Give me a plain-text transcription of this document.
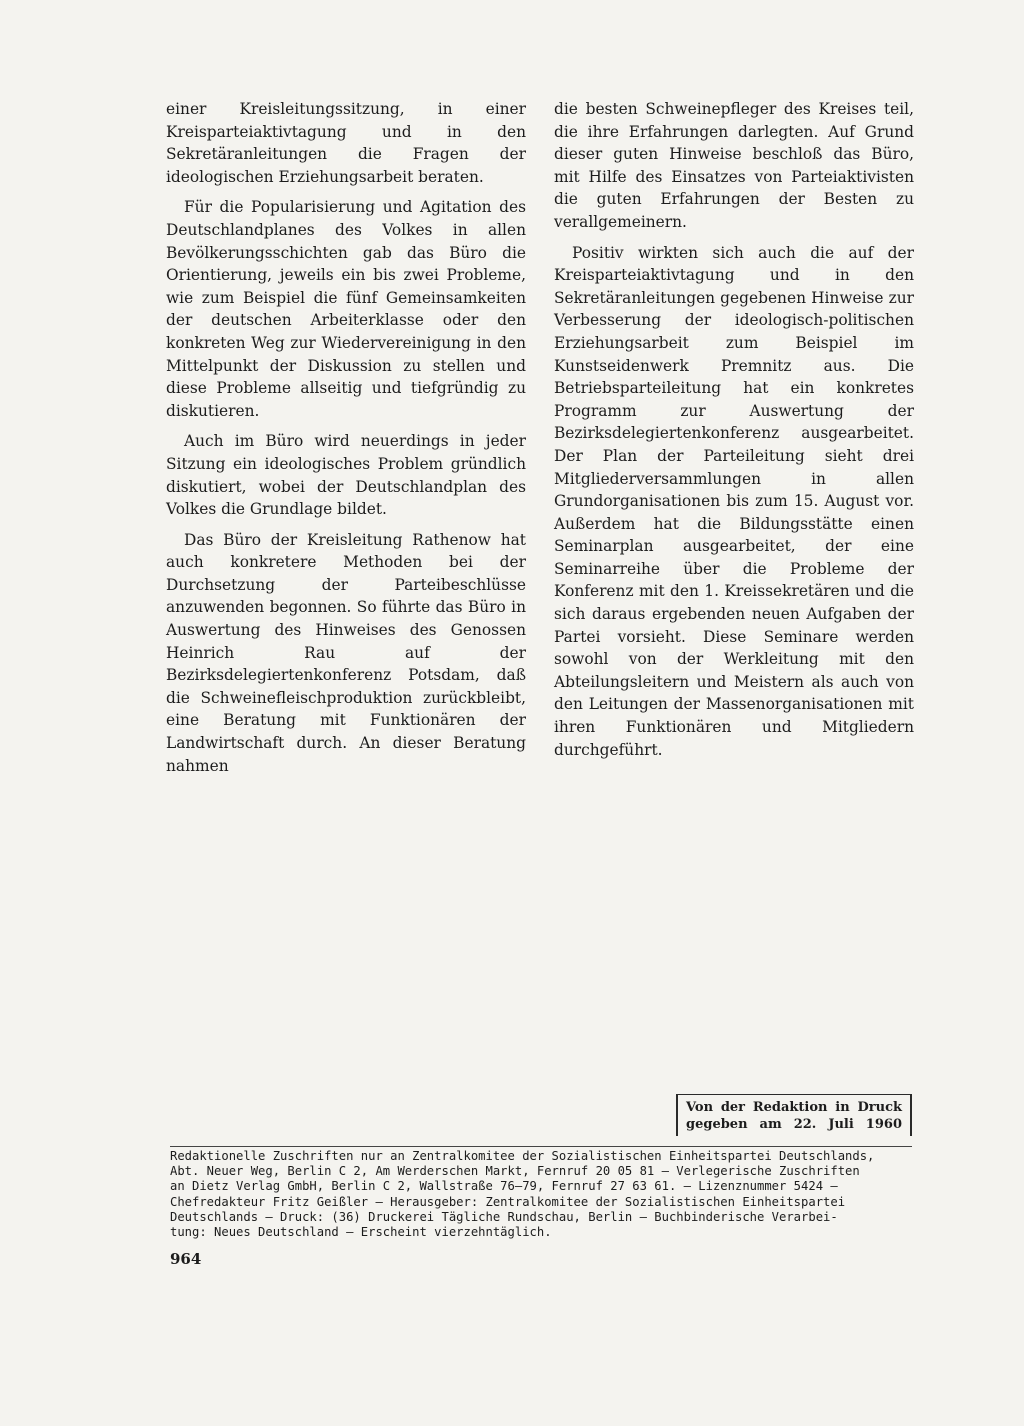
einer Kreisleitungssitzung, in einer Kreisparteiaktivtagung und in den Sekretäranleitungen die Fragen der ideologischen Erziehungsarbeit beraten.

Für die Popularisierung und Agitation des Deutschlandplanes des Volkes in allen Bevölkerungsschichten gab das Büro die Orientierung, jeweils ein bis zwei Probleme, wie zum Beispiel die fünf Gemeinsamkeiten der deutschen Arbeiterklasse oder den konkreten Weg zur Wiedervereinigung in den Mittelpunkt der Diskussion zu stellen und diese Probleme allseitig und tiefgründig zu diskutieren.

Auch im Büro wird neuerdings in jeder Sitzung ein ideologisches Problem gründlich diskutiert, wobei der Deutschlandplan des Volkes die Grundlage bildet.

Das Büro der Kreisleitung Rathenow hat auch konkretere Methoden bei der Durchsetzung der Parteibeschlüsse anzuwenden begonnen. So führte das Büro in Auswertung des Hinweises des Genossen Heinrich Rau auf der Bezirksdelegiertenkonferenz Potsdam, daß die Schweinefleischproduktion zurückbleibt, eine Beratung mit Funktionären der Landwirtschaft durch. An dieser Beratung nahmen

die besten Schweinepfleger des Kreises teil, die ihre Erfahrungen darlegten. Auf Grund dieser guten Hinweise beschloß das Büro, mit Hilfe des Einsatzes von Parteiaktivisten die guten Erfahrungen der Besten zu verallgemeinern.

Positiv wirkten sich auch die auf der Kreisparteiaktivtagung und in den Sekretäranleitungen gegebenen Hinweise zur Verbesserung der ideologisch-politischen Erziehungsarbeit zum Beispiel im Kunstseidenwerk Premnitz aus. Die Betriebsparteileitung hat ein konkretes Programm zur Auswertung der Bezirksdelegiertenkonferenz ausgearbeitet. Der Plan der Parteileitung sieht drei Mitgliederversammlungen in allen Grundorganisationen bis zum 15. August vor. Außerdem hat die Bildungsstätte einen Seminarplan ausgearbeitet, der eine Seminarreihe über die Probleme der Konferenz mit den 1. Kreissekretären und die sich daraus ergebenden neuen Aufgaben der Partei vorsieht. Diese Seminare werden sowohl von der Werkleitung mit den Abteilungsleitern und Meistern als auch von den Leitungen der Massenorganisationen mit ihren Funktionären und Mitgliedern durchgeführt.

Von der Redaktion in Druck
gegeben am 22. Juli 1960
Redaktionelle Zuschriften nur an Zentralkomitee der Sozialistischen Einheitspartei Deutschlands,
Abt. Neuer Weg, Berlin C 2, Am Werderschen Markt, Fernruf 20 05 81 — Verlegerische Zuschriften
an Dietz Verlag GmbH, Berlin C 2, Wallstraße 76—79, Fernruf 27 63 61. — Lizenznummer 5424 —
Chefredakteur Fritz Geißler — Herausgeber: Zentralkomitee der Sozialistischen Einheitspartei
Deutschlands — Druck: (36) Druckerei Tägliche Rundschau, Berlin — Buchbinderische Verarbei-
tung: Neues Deutschland — Erscheint vierzehntäglich.
964
